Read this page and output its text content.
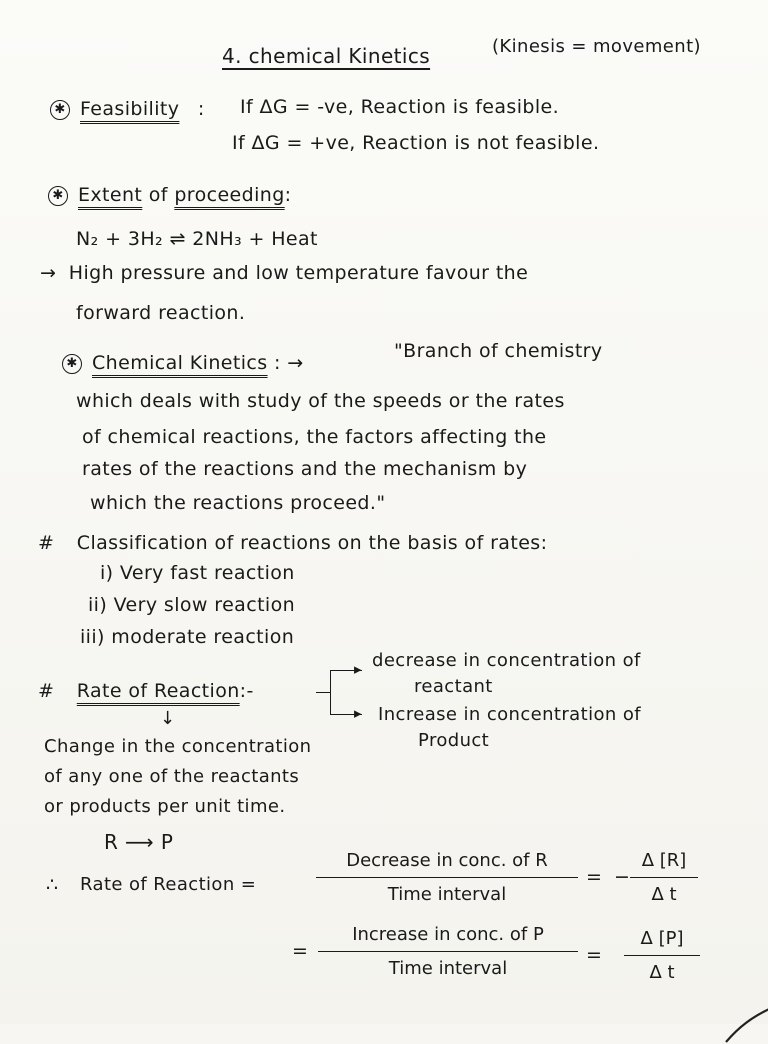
4. chemical Kinetics	(Kinesis = movement)
✱ Feasibility : If ΔG = -ve, Reaction is feasible.
If ΔG = +ve, Reaction is not feasible.
✱ Extent of proceeding:
N₂ + 3H₂ ⇌ 2NH₃ + Heat
→ High pressure and low temperature favour the
forward reaction.
✱ Chemical Kinetics : →
"Branch of chemistry
which deals with study of the speeds or the rates
of chemical reactions, the factors affecting the
rates of the reactions and the mechanism by
which the reactions proceed."
# Classification of reactions on the basis of rates:
i) Very fast reaction
ii) Very slow reaction
iii) moderate reaction
# Rate of Reaction:-
▸
▸
decrease in concentration of
reactant
Increase in concentration of
Product
↓
Change in the concentration
of any one of the reactants
or products per unit time.
R ⟶ P
∴ Rate of Reaction =
Decrease in conc. of R
Time interval
= −
Δ [R]
Δ t
=
Increase in conc. of P
Time interval
=
Δ [P]
Δ t
